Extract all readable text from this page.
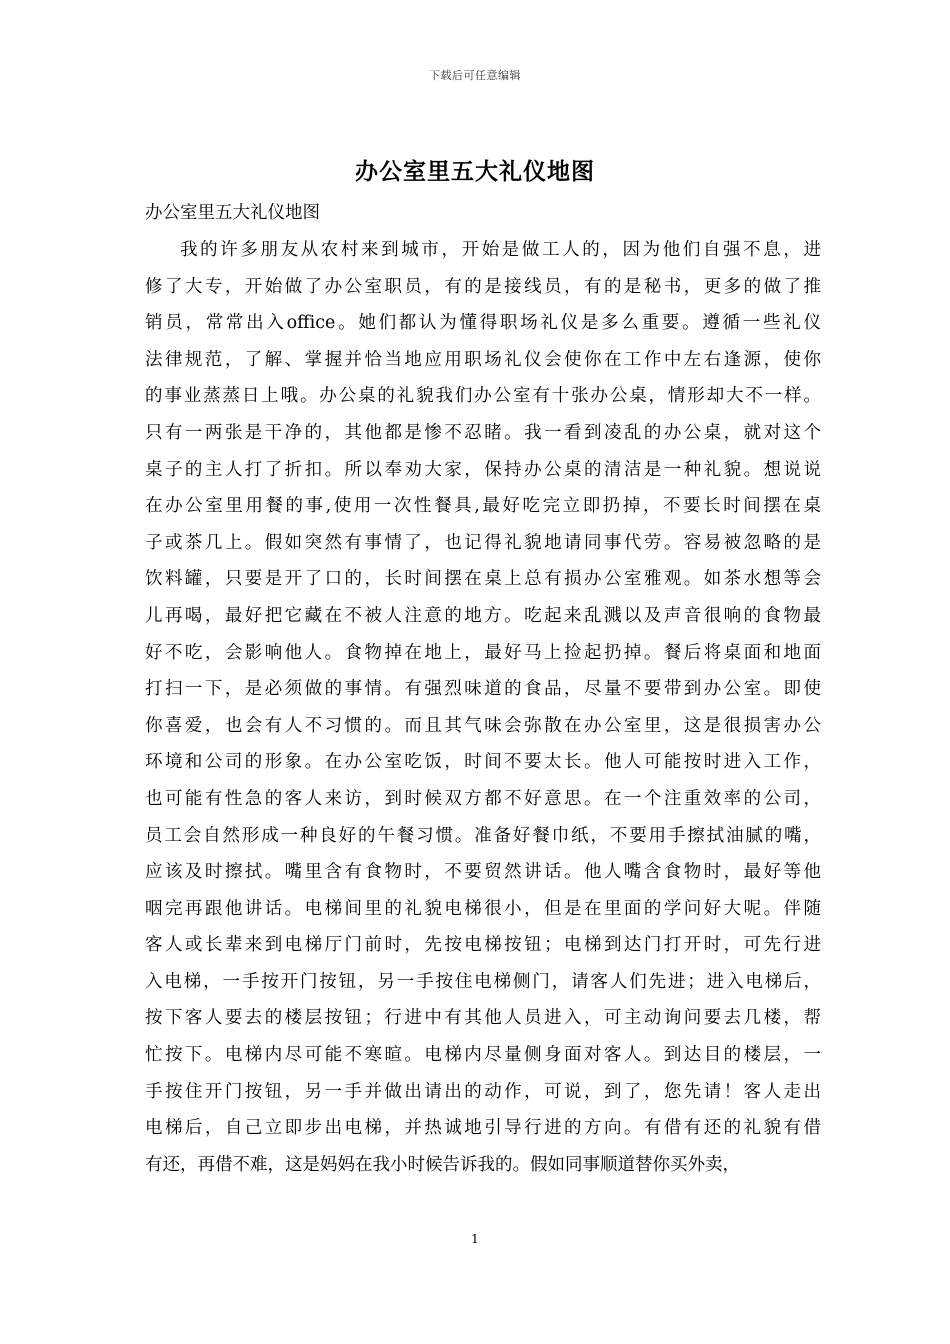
下载后可任意编辑
办公室里五大礼仪地图
办公室里五大礼仪地图
我的许多朋友从农村来到城市，开始是做工人的，因为他们自强不息，进
修了大专，开始做了办公室职员，有的是接线员，有的是秘书，更多的做了推
销员，常常出入office。她们都认为懂得职场礼仪是多么重要。遵循一些礼仪
法律规范，了解、掌握并恰当地应用职场礼仪会使你在工作中左右逢源，使你
的事业蒸蒸日上哦。办公桌的礼貌我们办公室有十张办公桌，情形却大不一样。
只有一两张是干净的，其他都是惨不忍睹。我一看到凌乱的办公桌，就对这个
桌子的主人打了折扣。所以奉劝大家，保持办公桌的清洁是一种礼貌。想说说
在办公室里用餐的事,使用一次性餐具,最好吃完立即扔掉，不要长时间摆在桌
子或茶几上。假如突然有事情了，也记得礼貌地请同事代劳。容易被忽略的是
饮料罐，只要是开了口的，长时间摆在桌上总有损办公室雅观。如茶水想等会
儿再喝，最好把它藏在不被人注意的地方。吃起来乱溅以及声音很响的食物最
好不吃，会影响他人。食物掉在地上，最好马上捡起扔掉。餐后将桌面和地面
打扫一下，是必须做的事情。有强烈味道的食品，尽量不要带到办公室。即使
你喜爱，也会有人不习惯的。而且其气味会弥散在办公室里，这是很损害办公
环境和公司的形象。在办公室吃饭，时间不要太长。他人可能按时进入工作，
也可能有性急的客人来访，到时候双方都不好意思。在一个注重效率的公司，
员工会自然形成一种良好的午餐习惯。准备好餐巾纸，不要用手擦拭油腻的嘴，
应该及时擦拭。嘴里含有食物时，不要贸然讲话。他人嘴含食物时，最好等他
咽完再跟他讲话。电梯间里的礼貌电梯很小，但是在里面的学问好大呢。伴随
客人或长辈来到电梯厅门前时，先按电梯按钮；电梯到达门打开时，可先行进
入电梯，一手按开门按钮，另一手按住电梯侧门，请客人们先进；进入电梯后，
按下客人要去的楼层按钮；行进中有其他人员进入，可主动询问要去几楼，帮
忙按下。电梯内尽可能不寒暄。电梯内尽量侧身面对客人。到达目的楼层，一
手按住开门按钮，另一手并做出请出的动作，可说，到了，您先请！客人走出
电梯后，自己立即步出电梯，并热诚地引导行进的方向。有借有还的礼貌有借
有还，再借不难，这是妈妈在我小时候告诉我的。假如同事顺道替你买外卖，
1
